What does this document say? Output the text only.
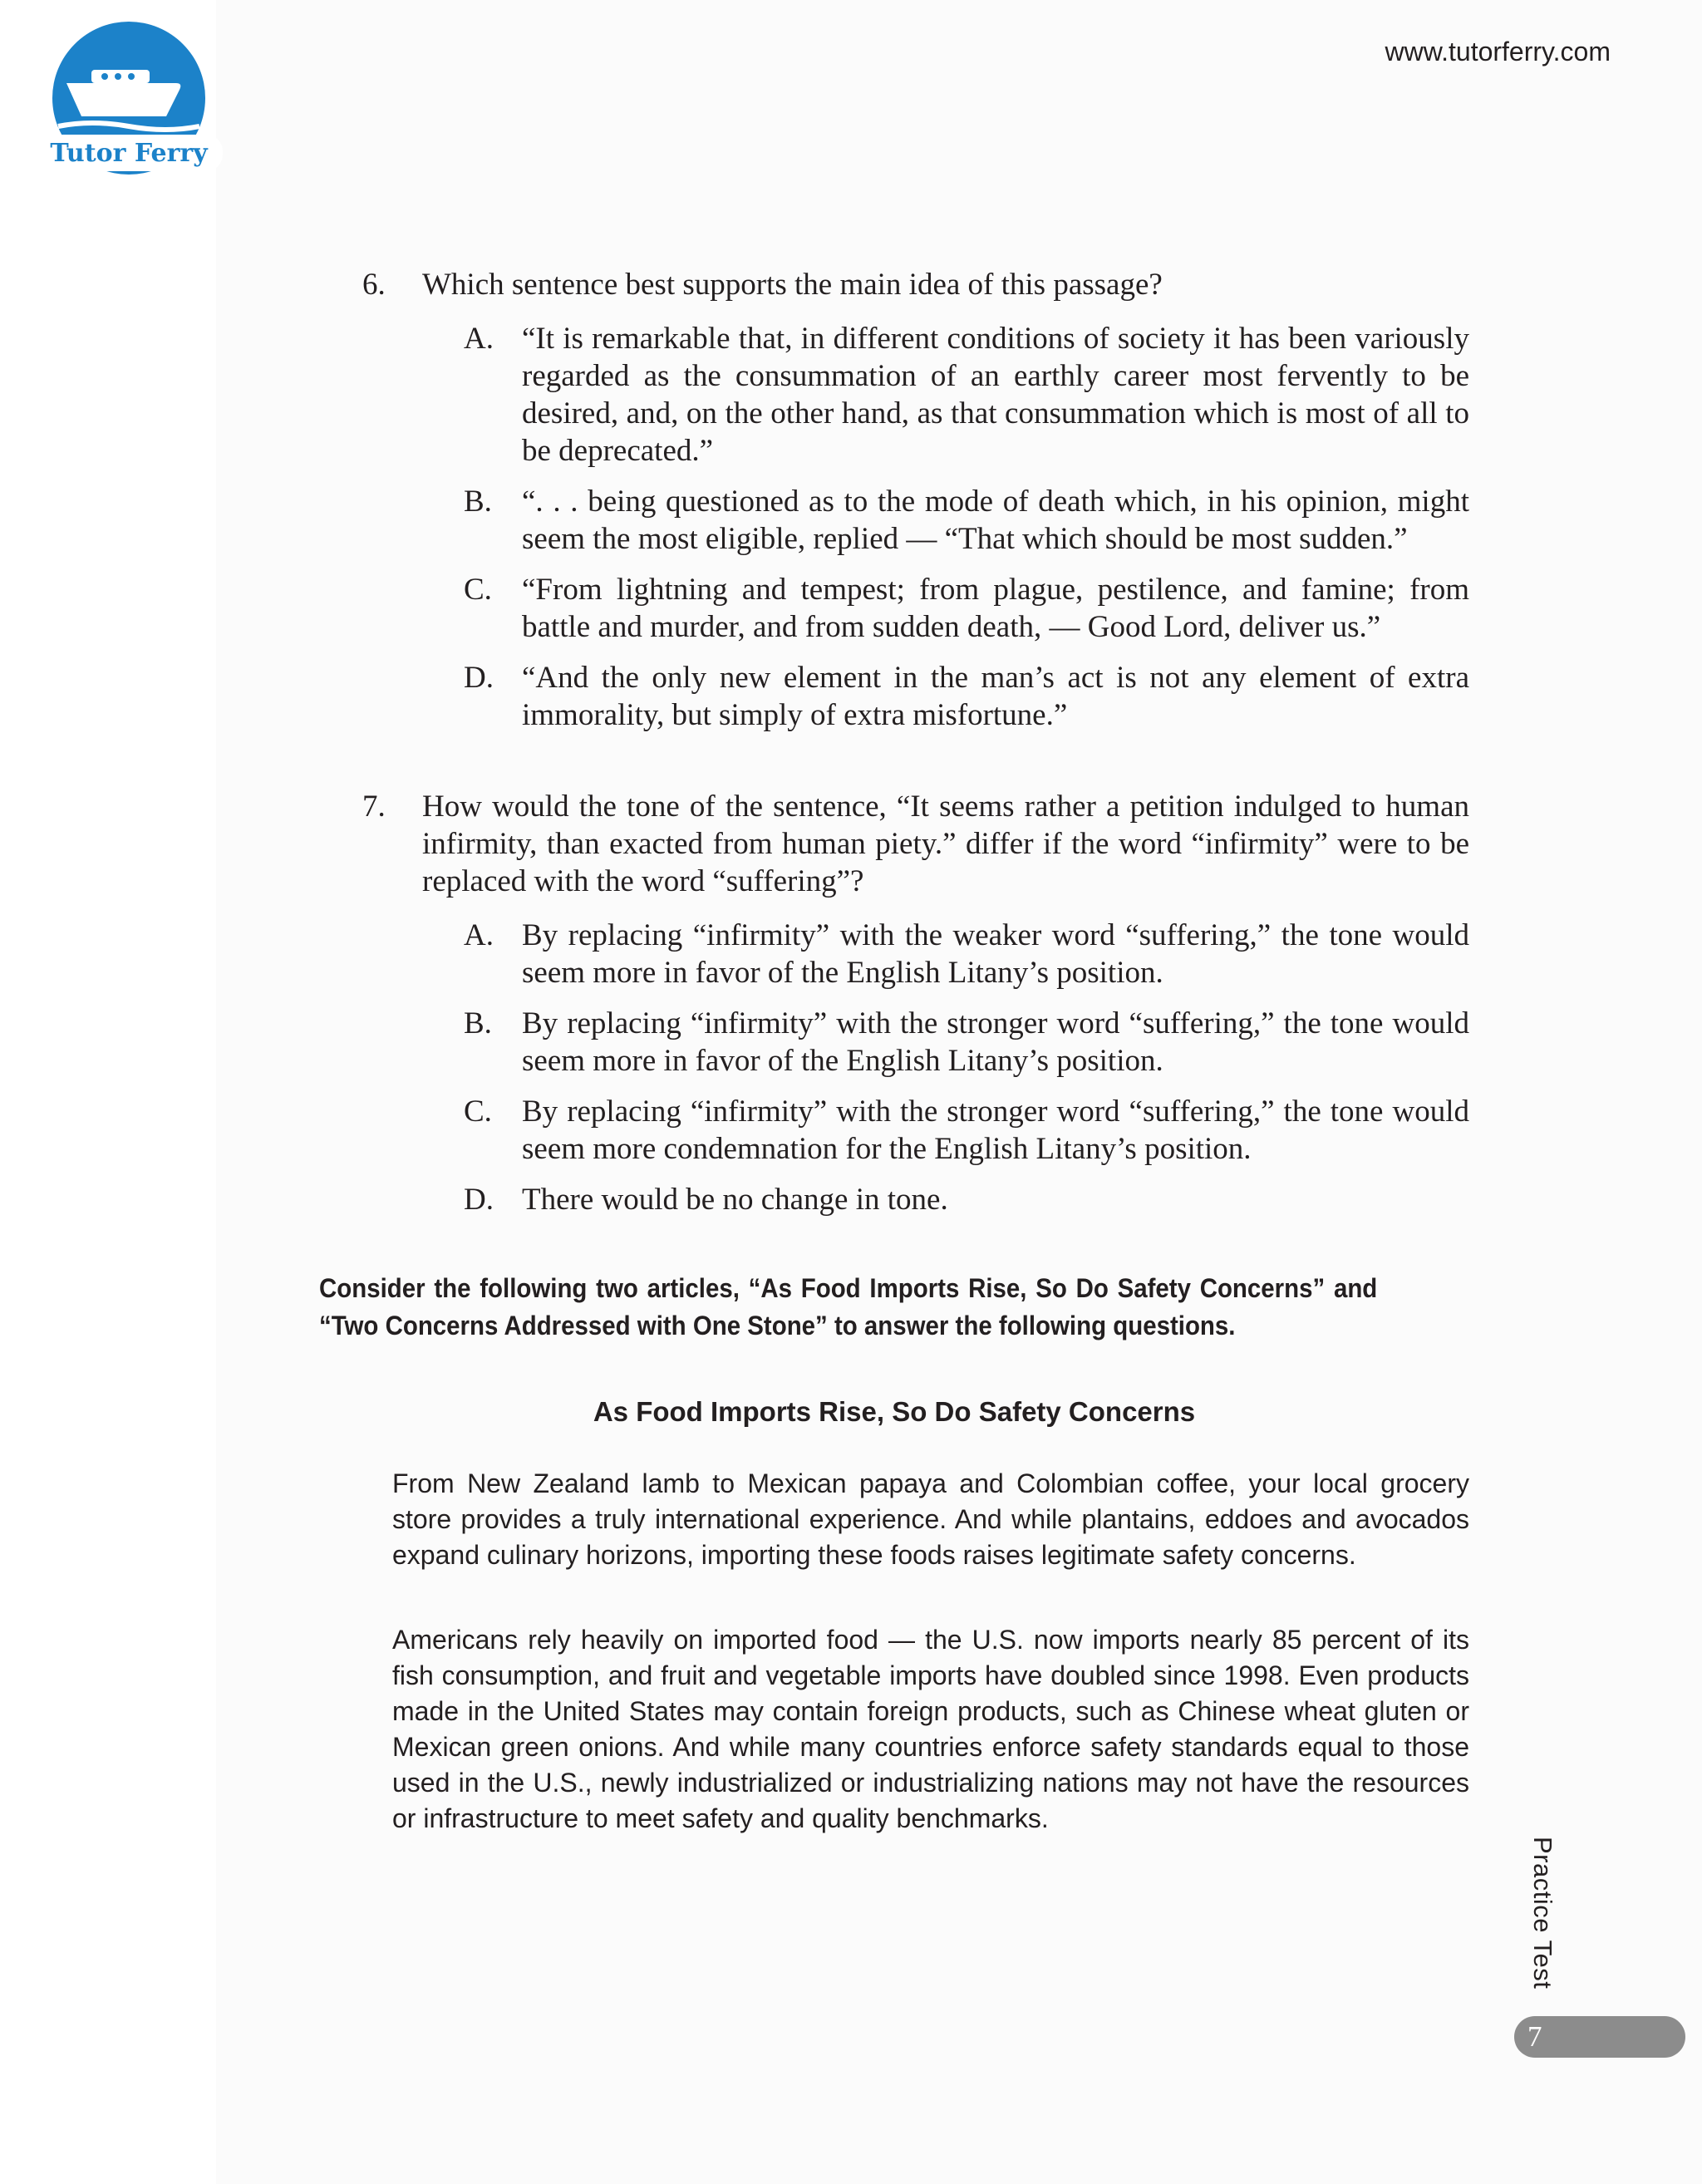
Tutor Ferry
www.tutorferry.com
6. Which sentence best supports the main idea of this passage?
A. “It is remarkable that, in different conditions of society it has been variously regarded as the consummation of an earthly career most fervently to be desired, and, on the other hand, as that consummation which is most of all to be deprecated.”
B. “. . . being questioned as to the mode of death which, in his opinion, might seem the most eligible, replied — “That which should be most sudden.”
C. “From lightning and tempest; from plague, pestilence, and famine; from battle and murder, and from sudden death, — Good Lord, deliver us.”
D. “And the only new element in the man’s act is not any element of extra immorality, but simply of extra misfortune.”
7. How would the tone of the sentence, “It seems rather a petition indulged to human infirmity, than exacted from human piety.” differ if the word “infirmity” were to be replaced with the word “suffering”?
A. By replacing “infirmity” with the weaker word “suffering,” the tone would seem more in favor of the English Litany’s position.
B. By replacing “infirmity” with the stronger word “suffering,” the tone would seem more in favor of the English Litany’s position.
C. By replacing “infirmity” with the stronger word “suffering,” the tone would seem more condemnation for the English Litany’s position.
D. There would be no change in tone.
Consider the following two articles, “As Food Imports Rise, So Do Safety Concerns” and “Two Concerns Addressed with One Stone” to answer the following questions.
As Food Imports Rise, So Do Safety Concerns
From New Zealand lamb to Mexican papaya and Colombian coffee, your local grocery store provides a truly international experience. And while plantains, eddoes and avocados expand culinary horizons, importing these foods raises legitimate safety concerns.
Americans rely heavily on imported food — the U.S. now imports nearly 85 percent of its fish consumption, and fruit and vegetable imports have doubled since 1998. Even products made in the United States may contain foreign products, such as Chinese wheat gluten or Mexican green onions. And while many countries enforce safety standards equal to those used in the U.S., newly industrialized or industrializing nations may not have the resources or infrastructure to meet safety and quality benchmarks.
Practice Test
7
